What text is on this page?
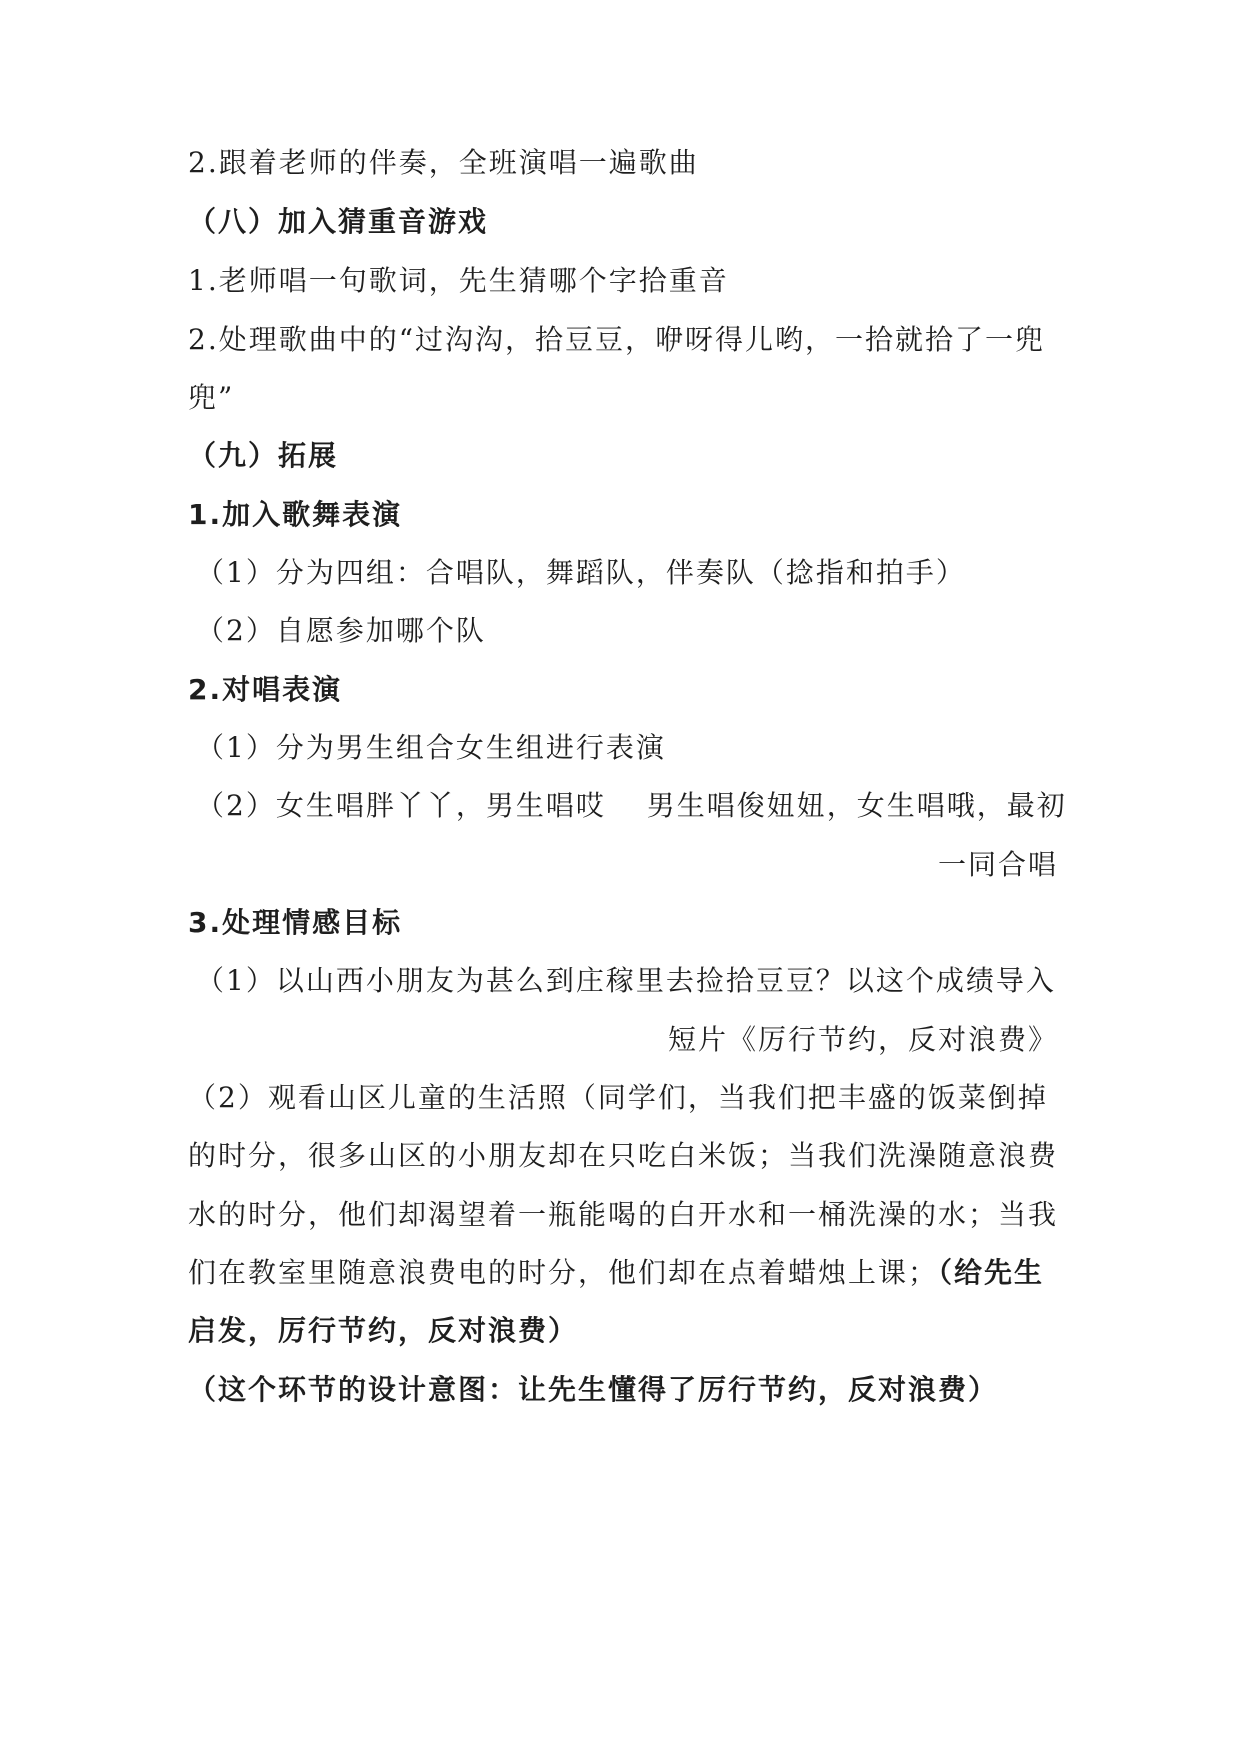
2.跟着老师的伴奏，全班演唱一遍歌曲
（八）加入猜重音游戏
1.老师唱一句歌词，先生猜哪个字拾重音
2.处理歌曲中的“过沟沟，拾豆豆，咿呀得儿哟，一拾就拾了一兜
兜”
（九）拓展
1.加入歌舞表演
（1）分为四组：合唱队，舞蹈队，伴奏队（捻指和拍手）
（2）自愿参加哪个队
2.对唱表演
（1）分为男生组合女生组进行表演
（2）女生唱胖丫丫，男生唱哎　 男生唱俊妞妞，女生唱哦，最初
一同合唱
3.处理情感目标
（1）以山西小朋友为甚么到庄稼里去捡拾豆豆？以这个成绩导入
短片《厉行节约，反对浪费》
（2）观看山区儿童的生活照（同学们，当我们把丰盛的饭菜倒掉
的时分，很多山区的小朋友却在只吃白米饭；当我们洗澡随意浪费
水的时分，他们却渴望着一瓶能喝的白开水和一桶洗澡的水；当我
们在教室里随意浪费电的时分，他们却在点着蜡烛上课；（给先生
启发，厉行节约，反对浪费）
（这个环节的设计意图：让先生懂得了厉行节约，反对浪费）
